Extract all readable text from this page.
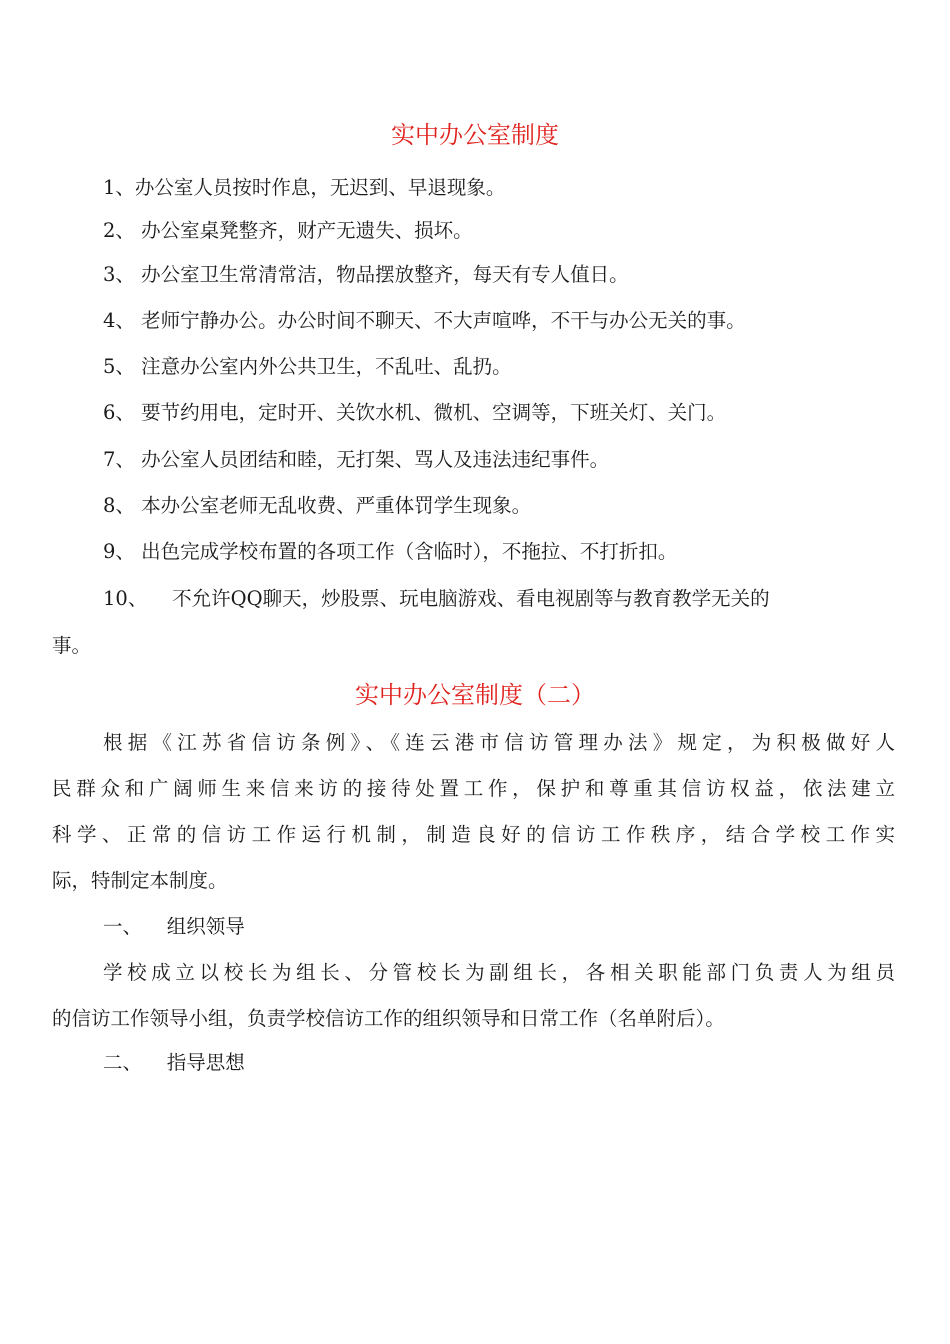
实中办公室制度
1、办公室人员按时作息，无迟到、早退现象。
2、 办公室桌凳整齐，财产无遗失、损坏。
3、 办公室卫生常清常洁，物品摆放整齐，每天有专人值日。
4、 老师宁静办公。办公时间不聊天、不大声喧哗，不干与办公无关的事。
5、 注意办公室内外公共卫生，不乱吐、乱扔。
6、 要节约用电，定时开、关饮水机、微机、空调等，下班关灯、关门。
7、 办公室人员团结和睦，无打架、骂人及违法违纪事件。
8、 本办公室老师无乱收费、严重体罚学生现象。
9、 出色完成学校布置的各项工作（含临时），不拖拉、不打折扣。
10、    不允许QQ聊天，炒股票、玩电脑游戏、看电视剧等与教育教学无关的
事。
实中办公室制度（二）
根据《江苏省信访条例》、《连云港市信访管理办法》规定，为积极做好人
民群众和广阔师生来信来访的接待处置工作，保护和尊重其信访权益，依法建立
科学、正常的信访工作运行机制，制造良好的信访工作秩序，结合学校工作实
际，特制定本制度。
一、    组织领导
学校成立以校长为组长、分管校长为副组长，各相关职能部门负责人为组员
的信访工作领导小组，负责学校信访工作的组织领导和日常工作（名单附后）。
二、    指导思想
